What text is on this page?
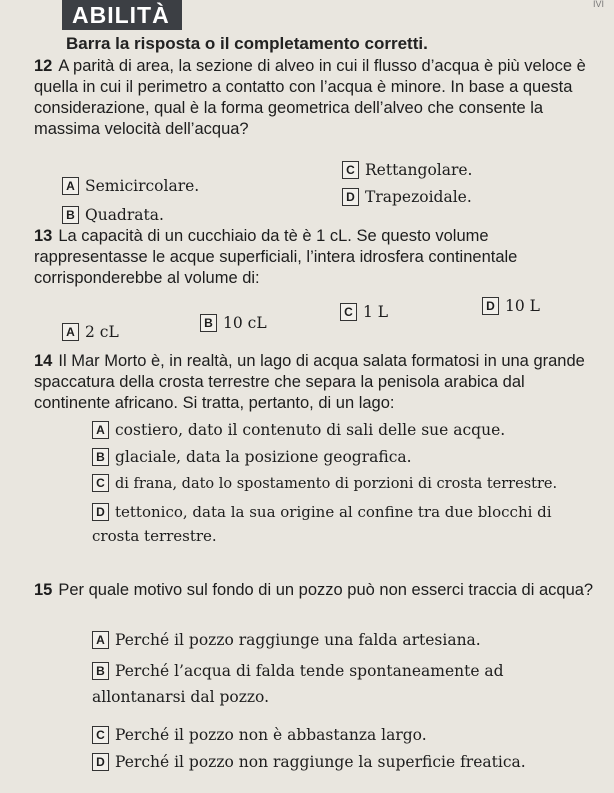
ABILITÀ	IVI
Barra la risposta o il completamento corretti.
12 A parità di area, la sezione di alveo in cui il flusso d’acqua è più veloce è quella in cui il perimetro a contatto con l’acqua è minore. In base a questa considerazione, qual è la forma geometrica dell’alveo che consente la massima velocità dell’acqua?
C Rettangolare.
A Semicircolare.
D Trapezoidale.
B Quadrata.
13 La capacità di un cucchiaio da tè è 1 cL. Se questo volume rappresentasse le acque superficiali, l’intera idrosfera continentale corrisponderebbe al volume di:
A 2 cL	B 10 cL
C 1 L	D 10 L
14 Il Mar Morto è, in realtà, un lago di acqua salata formatosi in una grande spaccatura della crosta terrestre che separa la penisola arabica dal continente africano. Si tratta, pertanto, di un lago:
A costiero, dato il contenuto di sali delle sue acque.
B glaciale, data la posizione geografica.
C di frana, dato lo spostamento di porzioni di crosta terrestre.
D tettonico, data la sua origine al confine tra due blocchi di crosta terrestre.
15 Per quale motivo sul fondo di un pozzo può non esserci traccia di acqua?
A Perché il pozzo raggiunge una falda artesiana.
B Perché l’acqua di falda tende spontaneamente ad allontanarsi dal pozzo.
C Perché il pozzo non è abbastanza largo.
D Perché il pozzo non raggiunge la superficie freatica.
